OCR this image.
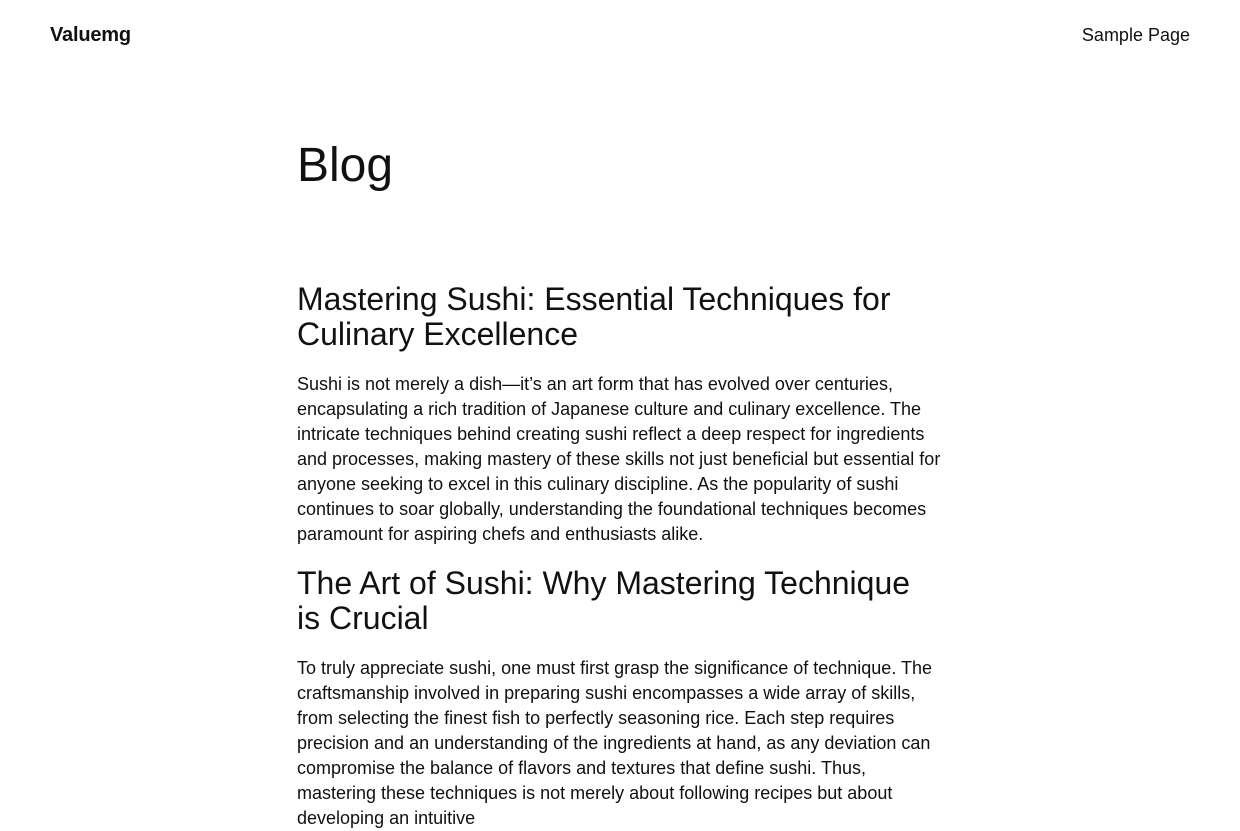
Valuemg	Sample Page
Blog
Mastering Sushi: Essential Techniques for Culinary Excellence

Sushi is not merely a dish—it’s an art form that has evolved over centuries, encapsulating a rich tradition of Japanese culture and culinary excellence. The intricate techniques behind creating sushi reflect a deep respect for ingredients and processes, making mastery of these skills not just beneficial but essential for anyone seeking to excel in this culinary discipline. As the popularity of sushi continues to soar globally, understanding the foundational techniques becomes paramount for aspiring chefs and enthusiasts alike.

The Art of Sushi: Why Mastering Technique is Crucial

To truly appreciate sushi, one must first grasp the significance of technique. The craftsmanship involved in preparing sushi encompasses a wide array of skills, from selecting the finest fish to perfectly seasoning rice. Each step requires precision and an understanding of the ingredients at hand, as any deviation can compromise the balance of flavors and textures that define sushi. Thus, mastering these techniques is not merely about following recipes but about developing an intuitive
